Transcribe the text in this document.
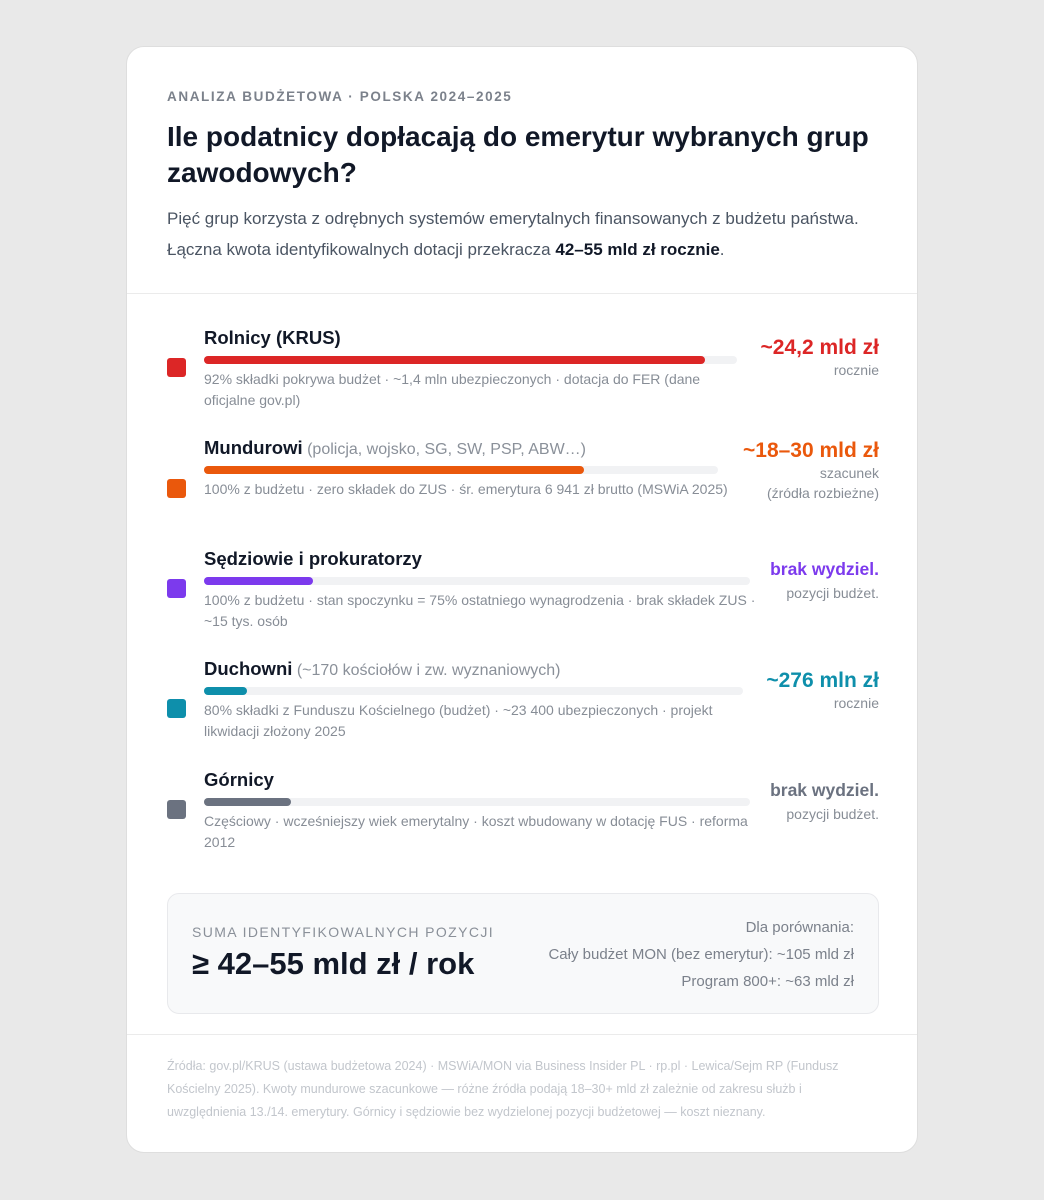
ANALIZA BUDŻETOWA · POLSKA 2024–2025
Ile podatnicy dopłacają do emerytur wybranych grup zawodowych?
Pięć grup korzysta z odrębnych systemów emerytalnych finansowanych z budżetu państwa. Łączna kwota identyfikowalnych dotacji przekracza 42–55 mld zł rocznie.
Rolnicy (KRUS)
92% składki pokrywa budżet · ~1,4 mln ubezpieczonych · dotacja do FER (dane oficjalne gov.pl)
~24,2 mld zł
rocznie
Mundurowi (policja, wojsko, SG, SW, PSP, ABW…)
100% z budżetu · zero składek do ZUS · śr. emerytura 6 941 zł brutto (MSWiA 2025)
~18–30 mld zł
szacunek
(źródła rozbieżne)
Sędziowie i prokuratorzy
100% z budżetu · stan spoczynku = 75% ostatniego wynagrodzenia · brak składek ZUS · ~15 tys. osób
brak wydziel.
pozycji budżet.
Duchowni (~170 kościołów i zw. wyznaniowych)
80% składki z Funduszu Kościelnego (budżet) · ~23 400 ubezpieczonych · projekt likwidacji złożony 2025
~276 mln zł
rocznie
Górnicy
Częściowy · wcześniejszy wiek emerytalny · koszt wbudowany w dotację FUS · reforma 2012
brak wydziel.
pozycji budżet.
SUMA IDENTYFIKOWALNYCH POZYCJI
≥ 42–55 mld zł / rok
Dla porównania:
Cały budżet MON (bez emerytur): ~105 mld zł
Program 800+: ~63 mld zł
Źródła: gov.pl/KRUS (ustawa budżetowa 2024) · MSWiA/MON via Business Insider PL · rp.pl · Lewica/Sejm RP (Fundusz Kościelny 2025). Kwoty mundurowe szacunkowe — różne źródła podają 18–30+ mld zł zależnie od zakresu służb i uwzględnienia 13./14. emerytury. Górnicy i sędziowie bez wydzielonej pozycji budżetowej — koszt nieznany.
